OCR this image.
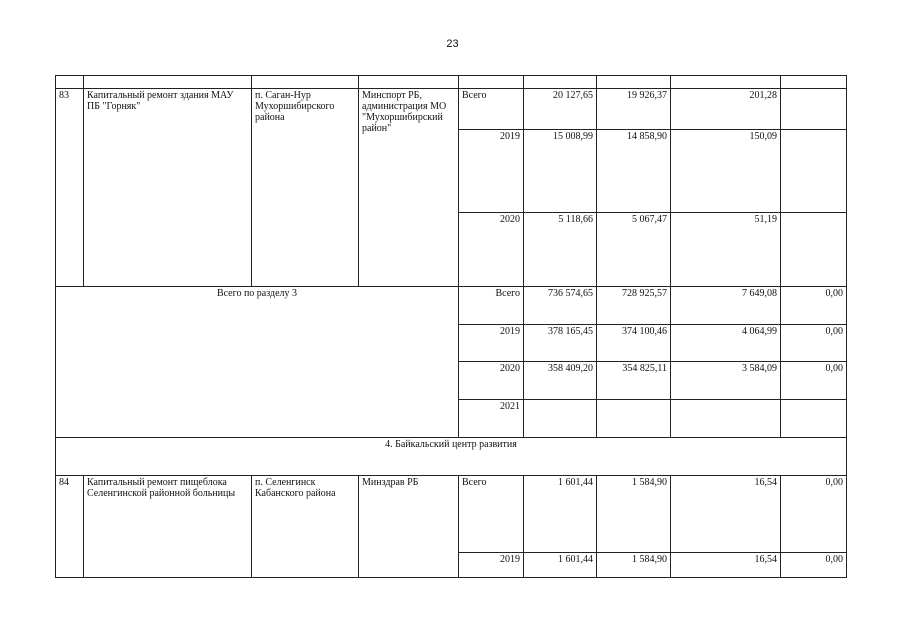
23

83	Капитальный ремонт здания МАУ ПБ "Горняк"	п. Саган-Нур Мухоршибирского района	Минспорт РБ, администрация МО "Мухоршибирский район"	Всего	20 127,65	19 926,37	201,28	
				2019	15 008,99	14 858,90	150,09	
				2020	5 118,66	5 067,47	51,19	
Всего по разделу 3				Всего	736 574,65	728 925,57	7 649,08	0,00
				2019	378 165,45	374 100,46	4 064,99	0,00
				2020	358 409,20	354 825,11	3 584,09	0,00
				2021				
4. Байкальский центр развития								
84	Капитальный ремонт пищеблока Селенгинской районной больницы	п. Селенгинск Кабанского района	Минздрав РБ	Всего	1 601,44	1 584,90	16,54	0,00
				2019	1 601,44	1 584,90	16,54	0,00
